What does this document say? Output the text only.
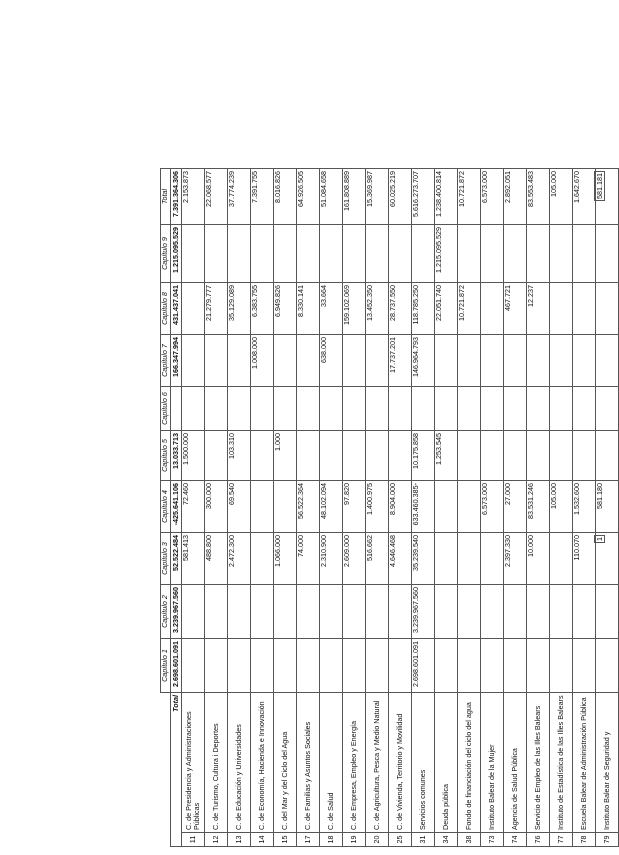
		Capítulo 1	Capítulo 2	Capítulo 3	Capítulo 4	Capítulo 5	Capítulo 6	Capítulo 7	Capítulo 8	Capítulo 9	Total
Total		2.698.601.091	3.239.967.560	52.522.484	-425.641.106	13.033.713		166.347.994	431.437.041	1.215.095.529	7.391.364.306
11	C. de Presidencia y Administraciones Públicas			581.413	72.460	1.500.000					2.153.873
12	C. de Turismo, Cultura i Deportes			488.800	300.000				21.279.777		22.068.577
13	C. de Educación y Universidades			2.472.300	69.540	103.310			35.129.089		37.774.239
14	C. de Economía, Hacienda e Innovación							1.008.000	6.383.755		7.391.755
15	C. del Mar y del Ciclo del Agua			1.066.000		1.000			6.949.826		8.016.826
17	C. de Familias y Asuntos Sociales			74.000	56.522.364				8.330.141		64.926.505
18	C. de Salud			2.310.900	48.102.094			638.000	33.664		51.084.658
19	C. de Empresa, Empleo y Energía			2.609.000	97.820				159.102.069		161.808.889
20	C. de Agricultura, Pesca y Medio Natural			516.662	1.400.975				13.452.350		15.369.987
25	C. de Vivienda, Territorio y Movilidad			4.646.468	8.904.000			17.737.201	28.737.550		60.025.219
31	Servicios comunes	2.698.601.091	3.239.967.560	35.239.540	633.460.385-	10.175.858		146.964.793	118.785.250		5.616.273.707
34	Deuda pública					1.253.545			22.051.740	1.215.095.529	1.238.400.814
38	Fondo de financiación del ciclo del agua								10.721.872		10.721.872
73	Instituto Balear de la Mujer				6.573.000						6.573.000
74	Agencia de Salud Pública			2.397.330	27.000				467.721		2.892.051
76	Servicio de Empleo de las Illes Balears			10.000	83.531.246				12.237		83.553.483
77	Instituto de Estadística de las Illes Balears				105.000						105.000
78	Escuela Balear de Administración Pública			110.070	1.532.600						1.642.670
79	Instituto Balear de Seguridad y			1	581.180						581.181
